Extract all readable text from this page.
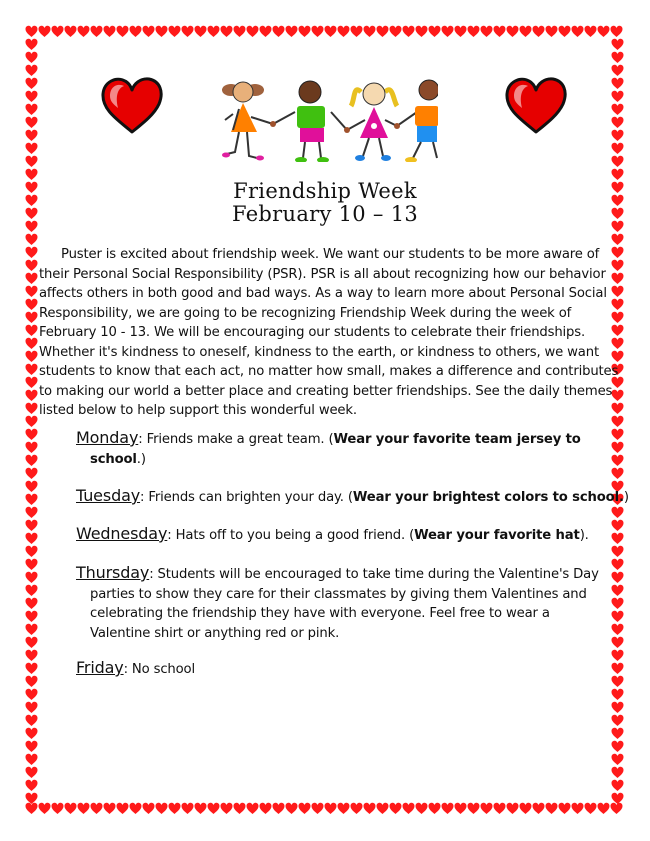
Friendship Week
February 10 – 13
Puster is excited about friendship week. We want our students to be more aware of
their Personal Social Responsibility (PSR). PSR is all about recognizing how our behavior
affects others in both good and bad ways. As a way to learn more about Personal Social
Responsibility, we are going to be recognizing Friendship Week during the week of
February 10 - 13. We will be encouraging our students to celebrate their friendships.
Whether it's kindness to oneself, kindness to the earth, or kindness to others, we want
students to know that each act, no matter how small, makes a difference and contributes
to making our world a better place and creating better friendships. See the daily themes
listed below to help support this wonderful week.
Monday: Friends make a great team. (Wear your favorite team jersey to
school.)
Tuesday: Friends can brighten your day. (Wear your brightest colors to school.)
Wednesday: Hats off to you being a good friend. (Wear your favorite hat).
Thursday: Students will be encouraged to take time during the Valentine's Day
parties to show they care for their classmates by giving them Valentines and
celebrating the friendship they have with everyone. Feel free to wear a
Valentine shirt or anything red or pink.
Friday: No school
